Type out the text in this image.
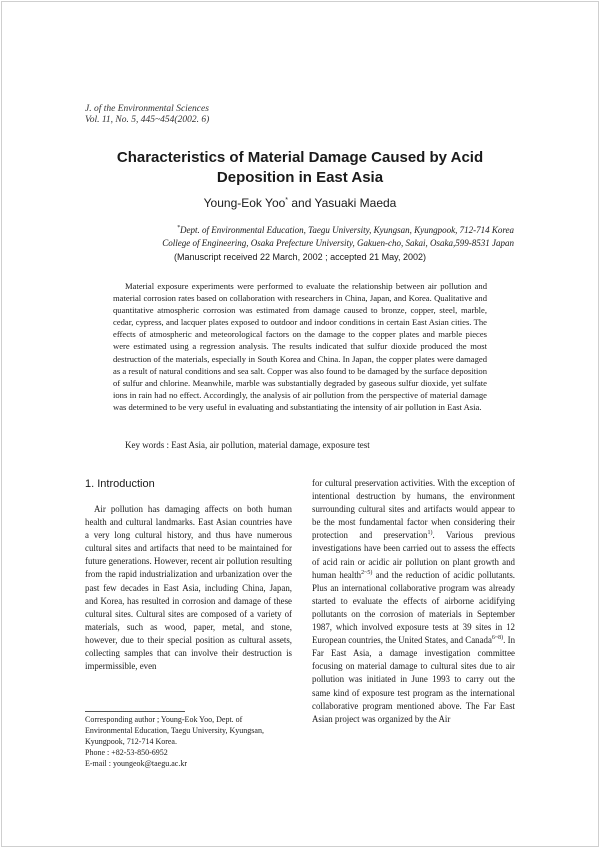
J. of the Environmental Sciences
Vol. 11, No. 5, 445~454(2002. 6)
Characteristics of Material Damage Caused by Acid
Deposition in East Asia
Young-Eok Yoo* and Yasuaki Maeda
*Dept. of Environmental Education, Taegu University, Kyungsan, Kyungpook, 712-714 Korea
College of Engineering, Osaka Prefecture University, Gakuen-cho, Sakai, Osaka,599-8531 Japan
(Manuscript received 22 March, 2002 ; accepted 21 May, 2002)

Material exposure experiments were performed to evaluate the relationship between air pollution and material corrosion rates based on collaboration with researchers in China, Japan, and Korea. Qualitative and quantitative atmospheric corrosion was estimated from damage caused to bronze, copper, steel, marble, cedar, cypress, and lacquer plates exposed to outdoor and indoor conditions in certain East Asian cities. The effects of atmospheric and meteorological factors on the damage to the copper plates and marble pieces were estimated using a regression analysis. The results indicated that sulfur dioxide produced the most destruction of the materials, especially in South Korea and China. In Japan, the copper plates were damaged as a result of natural conditions and sea salt. Copper was also found to be damaged by the surface deposition of sulfur and chlorine. Meanwhile, marble was substantially degraded by gaseous sulfur dioxide, yet sulfate ions in rain had no effect. Accordingly, the analysis of air pollution from the perspective of material damage was determined to be very useful in evaluating and substantiating the intensity of air pollution in East Asia.

Key words : East Asia, air pollution, material damage, exposure test
1. Introduction

Air pollution has damaging affects on both human health and cultural landmarks. East Asian countries have a very long cultural history, and thus have numerous cultural sites and artifacts that need to be maintained for future generations. However, recent air pollution resulting from the rapid industrialization and urbanization over the past few decades in East Asia, including China, Japan, and Korea, has resulted in corrosion and damage of these cultural sites. Cultural sites are composed of a variety of materials, such as wood, paper, metal, and stone, however, due to their special position as cultural assets, collecting samples that can involve their destruction is impermissible, even

for cultural preservation activities. With the exception of intentional destruction by humans, the environment surrounding cultural sites and artifacts would appear to be the most fundamental factor when considering their protection and preservation$^{1)}$. Various previous investigations have been carried out to assess the effects of acid rain or acidic air pollution on plant growth and human health$^{2\sim 5)}$ and the reduction of acidic pollutants. Plus an international collaborative program was already started to evaluate the effects of airborne acidifying pollutants on the corrosion of materials in September 1987, which involved exposure tests at 39 sites in 12 European countries, the United States, and Canada$^{6\sim 8)}$. In Far East Asia, a damage investigation committee focusing on material damage to cultural sites due to air pollution was initiated in June 1993 to carry out the same kind of exposure test program as the international collaborative program mentioned above. The Far East Asian project was organized by the Air

Corresponding author ; Young-Eok Yoo, Dept. of
Environmental Education, Taegu University, Kyungsan,
Kyungpook, 712-714 Korea.
Phone : +82-53-850-6952
E-mail : youngeok@taegu.ac.kr
